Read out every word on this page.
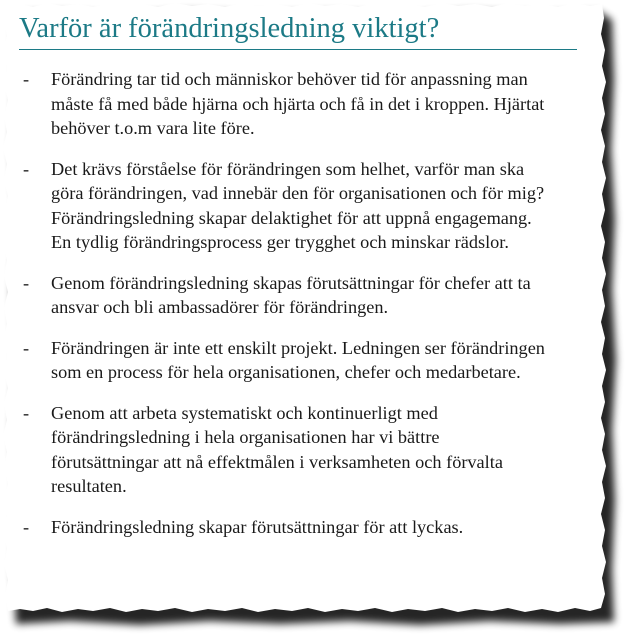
Varför är förändringsledning viktigt?
-	Förändring tar tid och människor behöver tid för anpassning man måste få med både hjärna och hjärta och få in det i kroppen. Hjärtat behöver t.o.m vara lite före.
-	Det krävs förståelse för förändringen som helhet, varför man ska göra förändringen, vad innebär den för organisationen och för mig? Förändringsledning skapar delaktighet för att uppnå engagemang. En tydlig förändringsprocess ger trygghet och minskar rädslor.
-	Genom förändringsledning skapas förutsättningar för chefer att ta ansvar och bli ambassadörer för förändringen.
-	Förändringen är inte ett enskilt projekt. Ledningen ser förändringen som en process för hela organisationen, chefer och medarbetare.
-	Genom att arbeta systematiskt och kontinuerligt med förändringsledning i hela organisationen har vi bättre förutsättningar att nå effektmålen i verksamheten och förvalta resultaten.
-	Förändringsledning skapar förutsättningar för att lyckas.
